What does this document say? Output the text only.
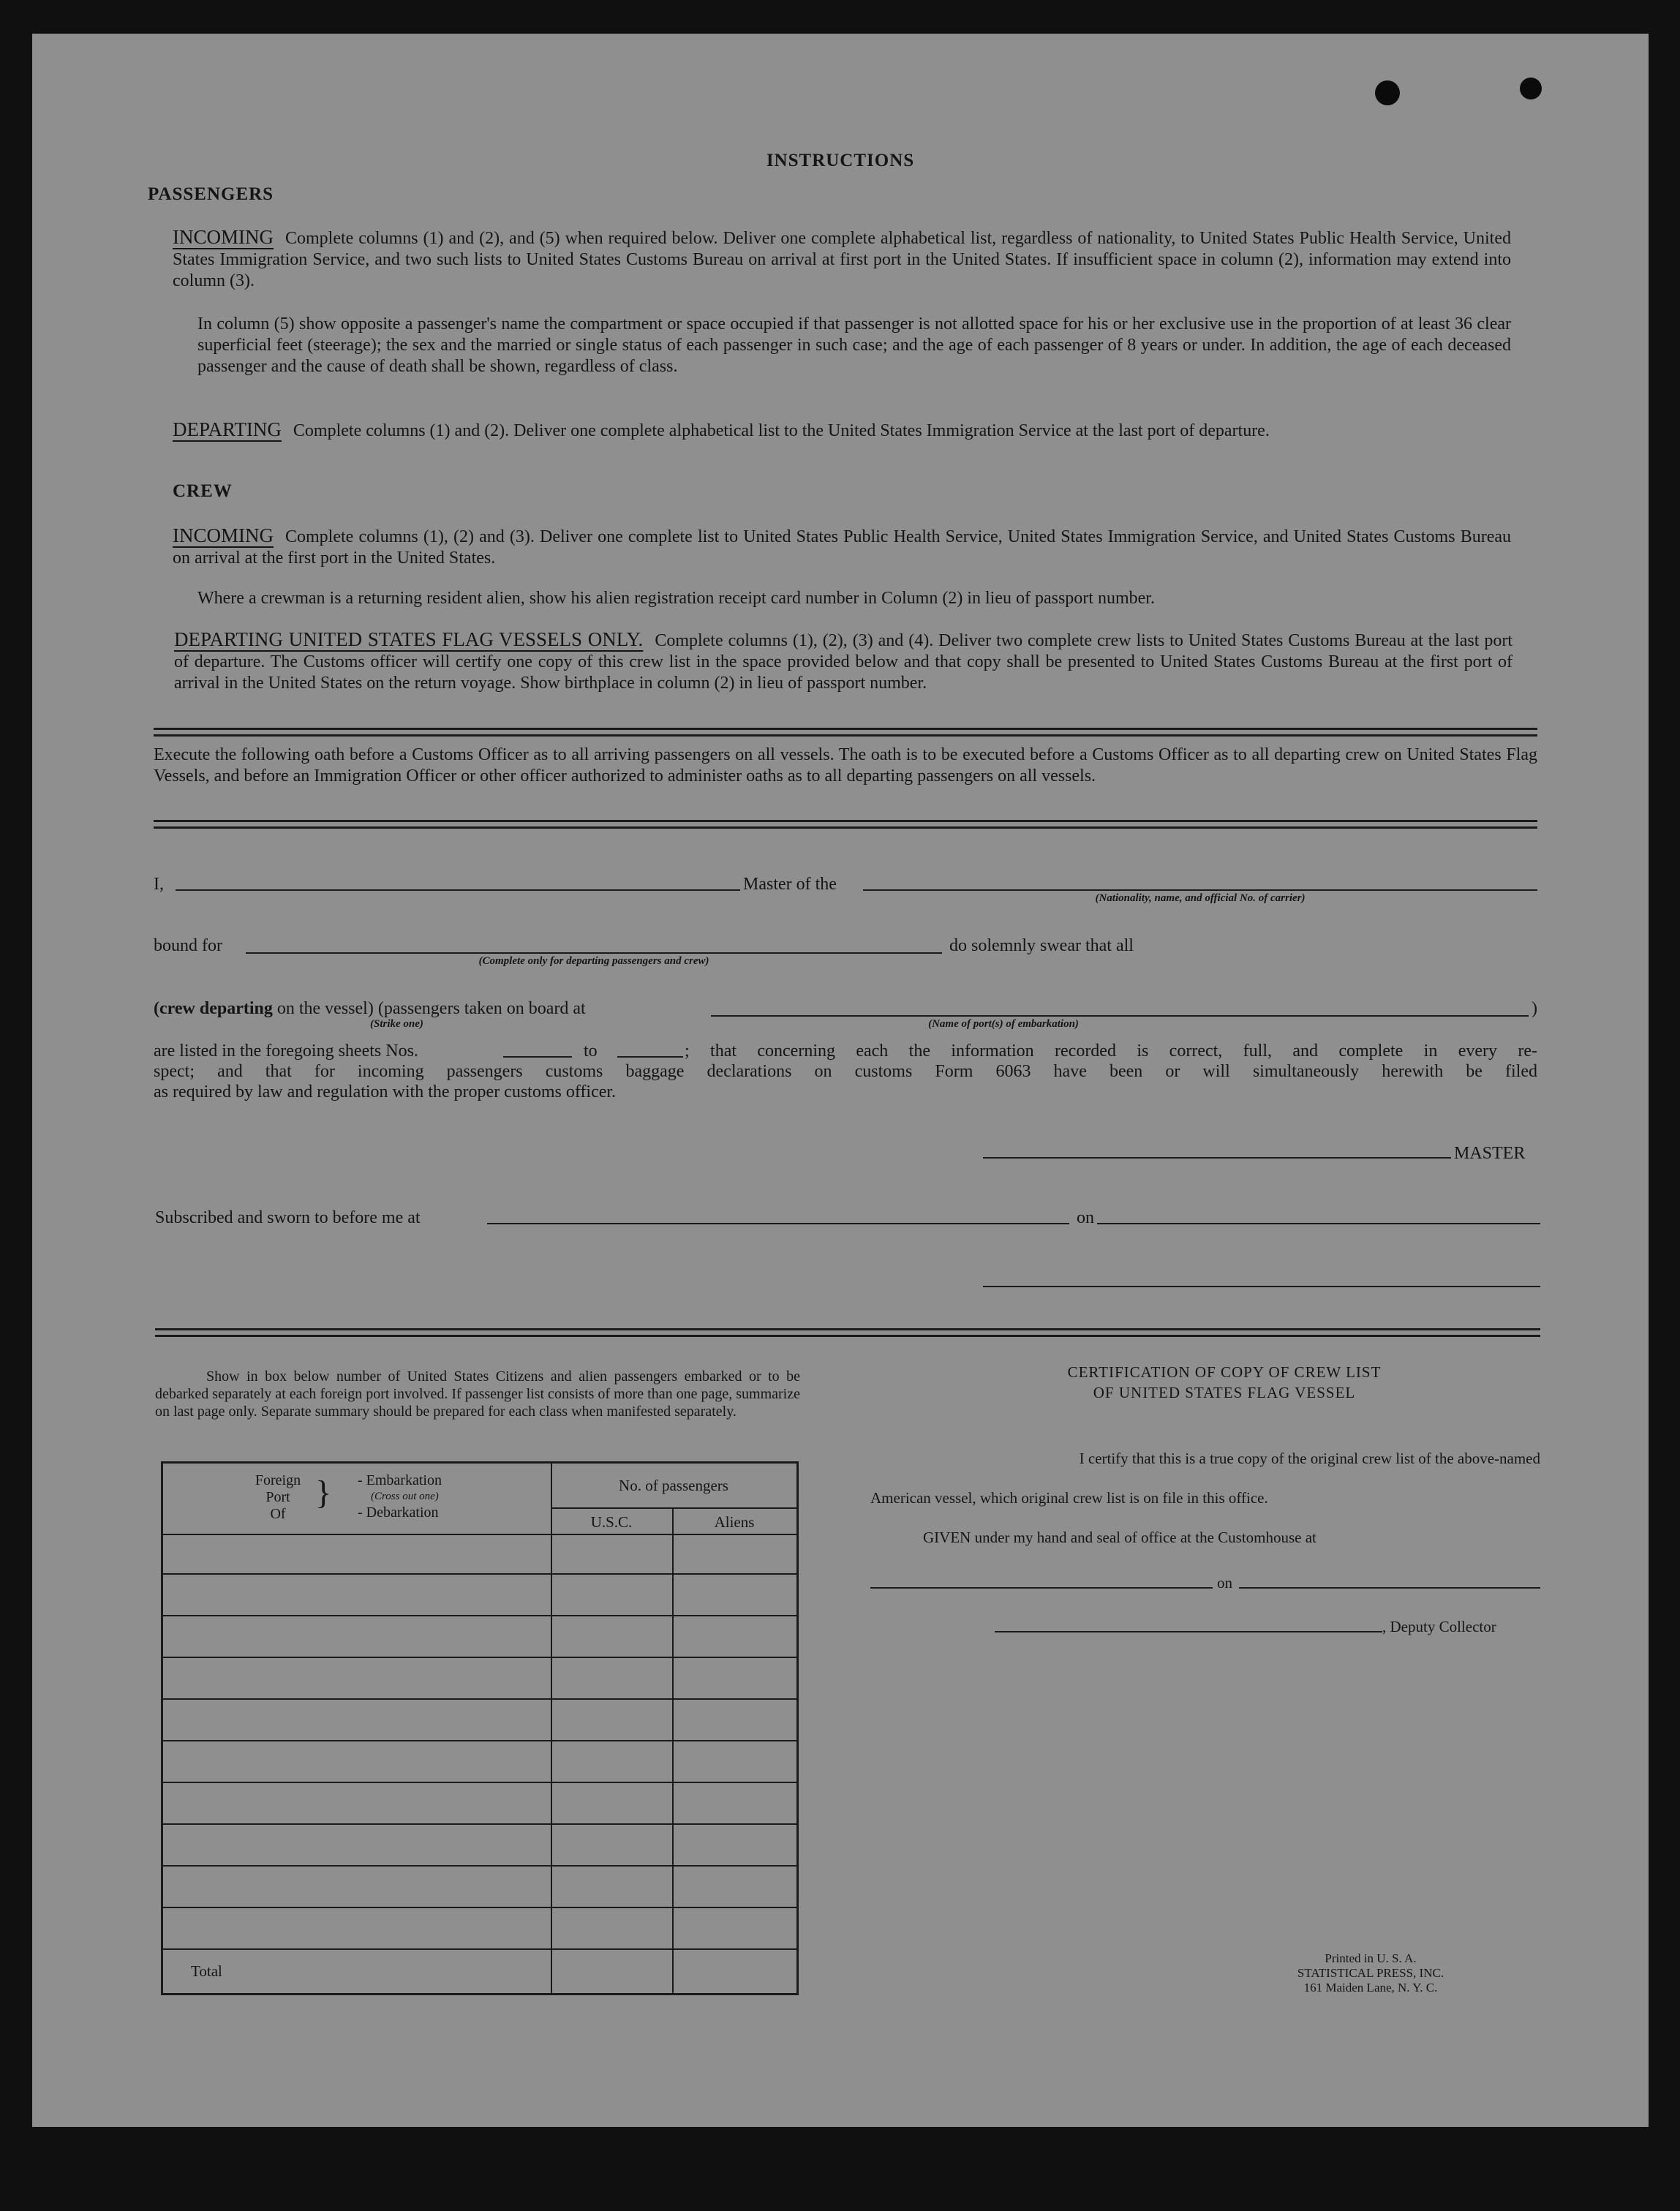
INSTRUCTIONS
PASSENGERS
INCOMING Complete columns (1) and (2), and (5) when required below. Deliver one complete alphabetical list, regardless of nationality, to United States Public Health Service, United States Immigration Service, and two such lists to United States Customs Bureau on arrival at first port in the United States. If insufficient space in column (2), information may extend into column (3).
In column (5) show opposite a passenger's name the compartment or space occupied if that passenger is not allotted space for his or her exclusive use in the proportion of at least 36 clear superficial feet (steerage); the sex and the married or single status of each passenger in such case; and the age of each passenger of 8 years or under. In addition, the age of each deceased passenger and the cause of death shall be shown, regardless of class.
DEPARTING Complete columns (1) and (2). Deliver one complete alphabetical list to the United States Immigration Service at the last port of departure.
CREW
INCOMING Complete columns (1), (2) and (3). Deliver one complete list to United States Public Health Service, United States Immigration Service, and United States Customs Bureau on arrival at the first port in the United States.
Where a crewman is a returning resident alien, show his alien registration receipt card number in Column (2) in lieu of passport number.
DEPARTING UNITED STATES FLAG VESSELS ONLY. Complete columns (1), (2), (3) and (4). Deliver two complete crew lists to United States Customs Bureau at the last port of departure. The Customs officer will certify one copy of this crew list in the space provided below and that copy shall be presented to United States Customs Bureau at the first port of arrival in the United States on the return voyage. Show birthplace in column (2) in lieu of passport number.
Execute the following oath before a Customs Officer as to all arriving passengers on all vessels. The oath is to be executed before a Customs Officer as to all departing crew on United States Flag Vessels, and before an Immigration Officer or other officer authorized to administer oaths as to all departing passengers on all vessels.
I,	Master of the
(Nationality, name, and official No. of carrier)
bound for
(Complete only for departing passengers and crew)
do solemnly swear that all
(crew departing on the vessel) (passengers taken on board at
(Strike one)	(Name of port(s) of embarkation)
)
are listed in the foregoing sheets Nos.	to	; that concerning each the information recorded is correct, full, and complete in every re-
spect; and that for incoming passengers customs baggage declarations on customs Form 6063 have been or will simultaneously herewith be filed
as required by law and regulation with the proper customs officer.
MASTER
Subscribed and sworn to before me at	on
Show in box below number of United States Citizens and alien passengers embarked or to be debarked separately at each foreign port involved. If passenger list consists of more than one page, summarize on last page only. Separate summary should be prepared for each class when manifested separately.
Foreign
Port
Of
} - Embarkation
(Cross out one)
- Debarkation
No. of passengers
U.S.C.	Aliens
Total
CERTIFICATION OF COPY OF CREW LIST
OF UNITED STATES FLAG VESSEL
I certify that this is a true copy of the original crew list of the above-named
American vessel, which original crew list is on file in this office.
GIVEN under my hand and seal of office at the Customhouse at
on
, Deputy Collector
Printed in U. S. A.
STATISTICAL PRESS, INC.
161 Maiden Lane, N. Y. C.
